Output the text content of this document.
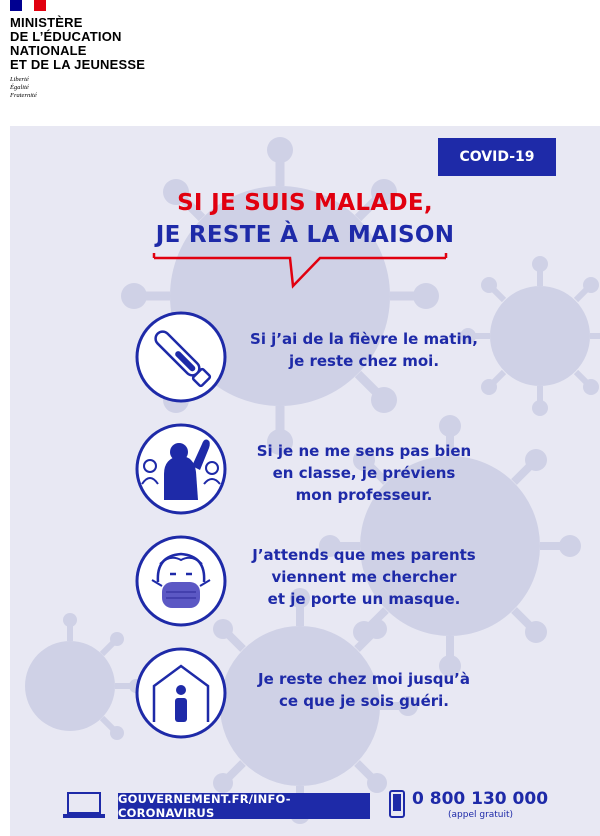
MINISTÈRE
DE L’ÉDUCATION
NATIONALE
ET DE LA JEUNESSE
Liberté
Égalité
Fraternité
COVID-19
SI JE SUIS MALADE,
JE RESTE À LA MAISON
Si j’ai de la fièvre le matin,
je reste chez moi.
Si je ne me sens pas bien
en classe, je préviens
mon professeur.
J’attends que mes parents
viennent me chercher
et je porte un masque.
Je reste chez moi jusqu’à
ce que je sois guéri.
GOUVERNEMENT.FR/INFO-CORONAVIRUS
0 800 130 000
(appel gratuit)
